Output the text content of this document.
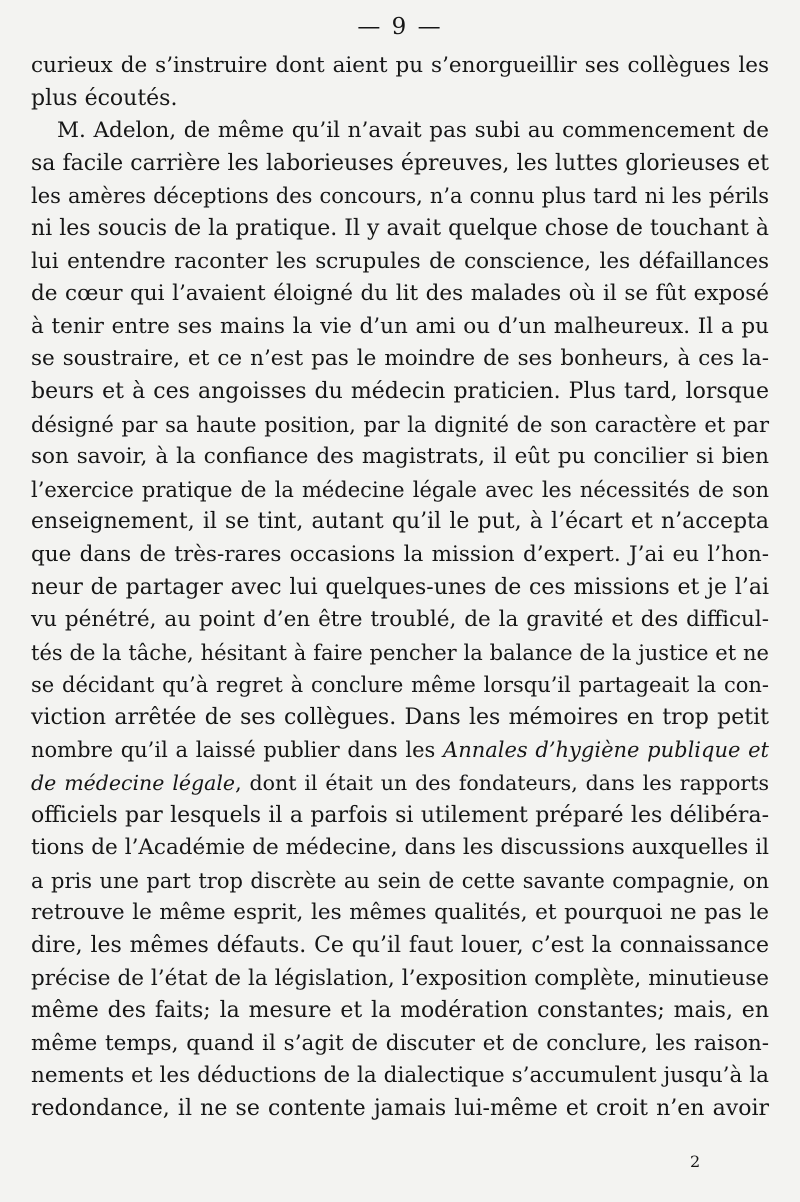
— 9 —
curieux de s’instruire dont aient pu s’enorgueillir ses collègues les
plus écoutés.
M. Adelon, de même qu’il n’avait pas subi au commencement de
sa facile carrière les laborieuses épreuves, les luttes glorieuses et
les amères déceptions des concours, n’a connu plus tard ni les périls
ni les soucis de la pratique. Il y avait quelque chose de touchant à
lui entendre raconter les scrupules de conscience, les défaillances
de cœur qui l’avaient éloigné du lit des malades où il se fût exposé
à tenir entre ses mains la vie d’un ami ou d’un malheureux. Il a pu
se soustraire, et ce n’est pas le moindre de ses bonheurs, à ces la-
beurs et à ces angoisses du médecin praticien. Plus tard, lorsque
désigné par sa haute position, par la dignité de son caractère et par
son savoir, à la confiance des magistrats, il eût pu concilier si bien
l’exercice pratique de la médecine légale avec les nécessités de son
enseignement, il se tint, autant qu’il le put, à l’écart et n’accepta
que dans de très-rares occasions la mission d’expert. J’ai eu l’hon-
neur de partager avec lui quelques-unes de ces missions et je l’ai
vu pénétré, au point d’en être troublé, de la gravité et des difficul-
tés de la tâche, hésitant à faire pencher la balance de la justice et ne
se décidant qu’à regret à conclure même lorsqu’il partageait la con-
viction arrêtée de ses collègues. Dans les mémoires en trop petit
nombre qu’il a laissé publier dans les Annales d’hygiène publique et
de médecine légale, dont il était un des fondateurs, dans les rapports
officiels par lesquels il a parfois si utilement préparé les délibéra-
tions de l’Académie de médecine, dans les discussions auxquelles il
a pris une part trop discrète au sein de cette savante compagnie, on
retrouve le même esprit, les mêmes qualités, et pourquoi ne pas le
dire, les mêmes défauts. Ce qu’il faut louer, c’est la connaissance
précise de l’état de la législation, l’exposition complète, minutieuse
même des faits; la mesure et la modération constantes; mais, en
même temps, quand il s’agit de discuter et de conclure, les raison-
nements et les déductions de la dialectique s’accumulent jusqu’à la
redondance, il ne se contente jamais lui-même et croit n’en avoir
2
